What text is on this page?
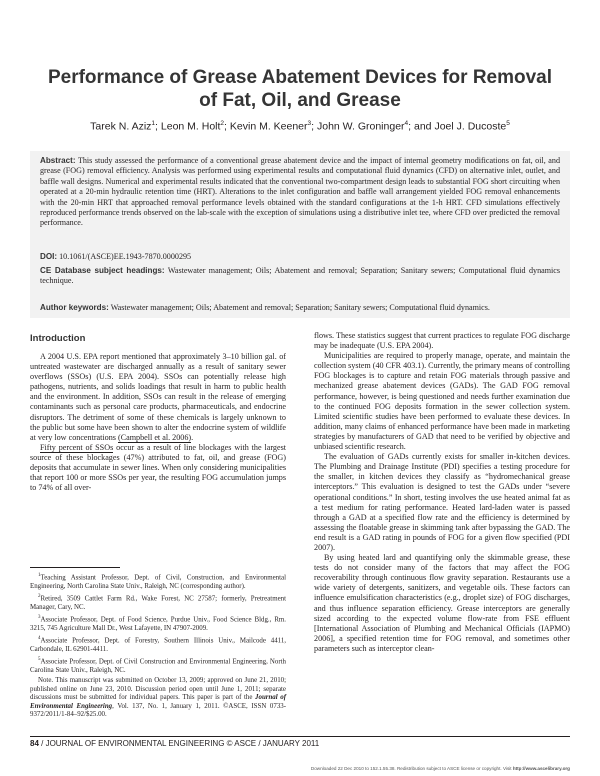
Performance of Grease Abatement Devices for Removal of Fat, Oil, and Grease
Tarek N. Aziz$^1$; Leon M. Holt$^2$; Kevin M. Keener$^3$; John W. Groninger$^4$; and Joel J. Ducoste$^5$
Abstract: This study assessed the performance of a conventional grease abatement device and the impact of internal geometry modifications on fat, oil, and grease (FOG) removal efficiency. Analysis was performed using experimental results and computational fluid dynamics (CFD) on alternative inlet, outlet, and baffle wall designs. Numerical and experimental results indicated that the conventional two-compartment design leads to substantial FOG short circuiting when operated at a 20-min hydraulic retention time (HRT). Alterations to the inlet configuration and baffle wall arrangement yielded FOG removal enhancements with the 20-min HRT that approached removal performance levels obtained with the standard configurations at the 1-h HRT. CFD simulations effectively reproduced performance trends observed on the lab-scale with the exception of simulations using a distributive inlet tee, where CFD over predicted the removal performance.
DOI: 10.1061/(ASCE)EE.1943-7870.0000295
CE Database subject headings: Wastewater management; Oils; Abatement and removal; Separation; Sanitary sewers; Computational fluid dynamics technique.
Author keywords: Wastewater management; Oils; Abatement and removal; Separation; Sanitary sewers; Computational fluid dynamics.
Introduction

A 2004 U.S. EPA report mentioned that approximately 3–10 billion gal. of untreated wastewater are discharged annually as a result of sanitary sewer overflows (SSOs) (U.S. EPA 2004). SSOs can potentially release high pathogens, nutrients, and solids loadings that result in harm to public health and the environment. In addition, SSOs can result in the release of emerging contaminants such as personal care products, pharmaceuticals, and endocrine disruptors. The detriment of some of these chemicals is largely unknown to the public but some have been shown to alter the endocrine system of wildlife at very low concentrations (Campbell et al. 2006).

Fifty percent of SSOs occur as a result of line blockages with the largest source of these blockages (47%) attributed to fat, oil, and grease (FOG) deposits that accumulate in sewer lines. When only considering municipalities that report 100 or more SSOs per year, the resulting FOG accumulation jumps to 74% of all over-

$^1$Teaching Assistant Professor, Dept. of Civil, Construction, and Environmental Engineering, North Carolina State Univ., Raleigh, NC (corresponding author).

$^2$Retired, 3509 Cattlet Farm Rd., Wake Forest, NC 27587; formerly, Pretreatment Manager, Cary, NC.

$^3$Associate Professor, Dept. of Food Science, Purdue Univ., Food Science Bldg., Rm. 3215, 745 Agriculture Mall Dr., West Lafayette, IN 47907-2009.

$^4$Associate Professor, Dept. of Forestry, Southern Illinois Univ., Mailcode 4411, Carbondale, IL 62901-4411.

$^5$Associate Professor, Dept. of Civil Construction and Environmental Engineering, North Carolina State Univ., Raleigh, NC.

Note. This manuscript was submitted on October 13, 2009; approved on June 21, 2010; published online on June 23, 2010. Discussion period open until June 1, 2011; separate discussions must be submitted for individual papers. This paper is part of the Journal of Environmental Engineering, Vol. 137, No. 1, January 1, 2011. ©ASCE, ISSN 0733-9372/2011/1-84–92/$25.00.

flows. These statistics suggest that current practices to regulate FOG discharge may be inadequate (U.S. EPA 2004).

Municipalities are required to properly manage, operate, and maintain the collection system (40 CFR 403.1). Currently, the primary means of controlling FOG blockages is to capture and retain FOG materials through passive and mechanized grease abatement devices (GADs). The GAD FOG removal performance, however, is being questioned and needs further examination due to the continued FOG deposits formation in the sewer collection system. Limited scientific studies have been performed to evaluate these devices. In addition, many claims of enhanced performance have been made in marketing strategies by manufacturers of GAD that need to be verified by objective and unbiased scientific research.

The evaluation of GADs currently exists for smaller in-kitchen devices. The Plumbing and Drainage Institute (PDI) specifies a testing procedure for the smaller, in kitchen devices they classify as “hydromechanical grease interceptors.” This evaluation is designed to test the GADs under “severe operational conditions.” In short, testing involves the use heated animal fat as a test medium for rating performance. Heated lard-laden water is passed through a GAD at a specified flow rate and the efficiency is determined by assessing the floatable grease in skimming tank after bypassing the GAD. The end result is a GAD rating in pounds of FOG for a given flow specified (PDI 2007).

By using heated lard and quantifying only the skimmable grease, these tests do not consider many of the factors that may affect the FOG recoverability through continuous flow gravity separation. Restaurants use a wide variety of detergents, sanitizers, and vegetable oils. These factors can influence emulsification characteristics (e.g., droplet size) of FOG discharges, and thus influence separation efficiency. Grease interceptors are generally sized according to the expected volume flow-rate from FSE effluent [International Association of Plumbing and Mechanical Officials (IAPMO) 2006], a specified retention time for FOG removal, and sometimes other parameters such as interceptor clean-

84 / JOURNAL OF ENVIRONMENTAL ENGINEERING © ASCE / JANUARY 2011
Downloaded 22 Dec 2010 to 152.1.55.38. Redistribution subject to ASCE license or copyright. Visit http://www.ascelibrary.org
